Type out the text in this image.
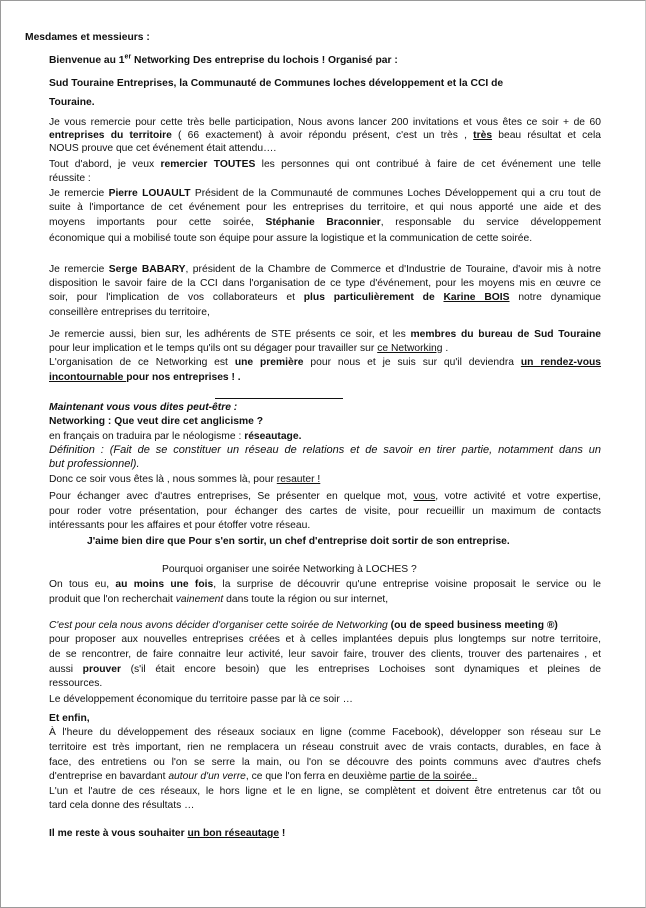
Mesdames et messieurs :
Bienvenue au 1er Networking Des entreprise du lochois ! Organisé par :
Sud Touraine Entreprises, la Communauté de Communes loches développement et la CCI de
Touraine.
Je vous remercie pour cette très belle participation, Nous avons lancer 200 invitations et vous êtes ce soir + de 60
entreprises du territoire ( 66 exactement) à avoir répondu présent, c'est un très , très beau résultat et cela
NOUS prouve que cet événement était attendu….
Tout d'abord, je veux remercier TOUTES les personnes qui ont contribué à faire de cet événement une telle
réussite :
Je remercie Pierre LOUAULT Président de la Communauté de communes Loches Développement qui a cru tout de
suite à l'importance de cet événement pour les entreprises du territoire, et qui nous apporté une aide et des
moyens importants pour cette soirée, Stéphanie Braconnier, responsable du service développement
économique qui a mobilisé toute son équipe pour assure la logistique et la communication de cette soirée.
Je remercie Serge BABARY, président de la Chambre de Commerce et d'Industrie de Touraine, d'avoir mis à notre
disposition le savoir faire de la CCI dans l'organisation de ce type d'événement, pour les moyens mis en œuvre ce
soir, pour l'implication de vos collaborateurs et plus particulièrement de Karine BOIS notre dynamique
conseillère entreprises du territoire,
Je remercie aussi, bien sur, les adhérents de STE présents ce soir, et les membres du bureau de Sud Touraine
pour leur implication et le temps qu'ils ont su dégager pour travailler sur ce Networking .
L'organisation de ce Networking est une première pour nous et je suis sur qu'il deviendra un rendez-vous
incontournable pour nos entreprises ! .
Maintenant vous vous dites peut-être :
Networking : Que veut dire cet anglicisme ?
en français on traduira par le néologisme : réseautage.
Définition : (Fait de se constituer un réseau de relations et de savoir en tirer partie, notamment dans un
but professionnel).
Donc ce soir vous êtes là , nous sommes là, pour resauter !
Pour échanger avec d'autres entreprises, Se présenter en quelque mot, vous, votre activité et votre expertise,
pour roder votre présentation, pour échanger des cartes de visite, pour recueillir un maximum de contacts
intéressants pour les affaires et pour étoffer votre réseau.
J'aime bien dire que Pour s'en sortir, un chef d'entreprise doit sortir de son entreprise.
Pourquoi organiser une soirée Networking à LOCHES ?
On tous eu, au moins une fois, la surprise de découvrir qu'une entreprise voisine proposait le service ou le
produit que l'on recherchait vainement dans toute la région ou sur internet,
C'est pour cela nous avons décider d'organiser cette soirée de Networking (ou de speed business meeting ®)
pour proposer aux nouvelles entreprises créées et à celles implantées depuis plus longtemps sur notre territoire,
de se rencontrer, de faire connaitre leur activité, leur savoir faire, trouver des clients, trouver des partenaires , et
aussi prouver (s'il était encore besoin) que les entreprises Lochoises sont dynamiques et pleines de
ressources.
Le développement économique du territoire passe par là ce soir …
Et enfin,
À l'heure du développement des réseaux sociaux en ligne (comme Facebook), développer son réseau sur Le
territoire est très important, rien ne remplacera un réseau construit avec de vrais contacts, durables, en face à
face, des entretiens ou l'on se serre la main, ou l'on se découvre des points communs avec d'autres chefs
d'entreprise en bavardant autour d'un verre, ce que l'on ferra en deuxième partie de la soirée..
L'un et l'autre de ces réseaux, le hors ligne et le en ligne, se complètent et doivent être entretenus car tôt ou
tard cela donne des résultats …
Il me reste à vous souhaiter un bon réseautage !
